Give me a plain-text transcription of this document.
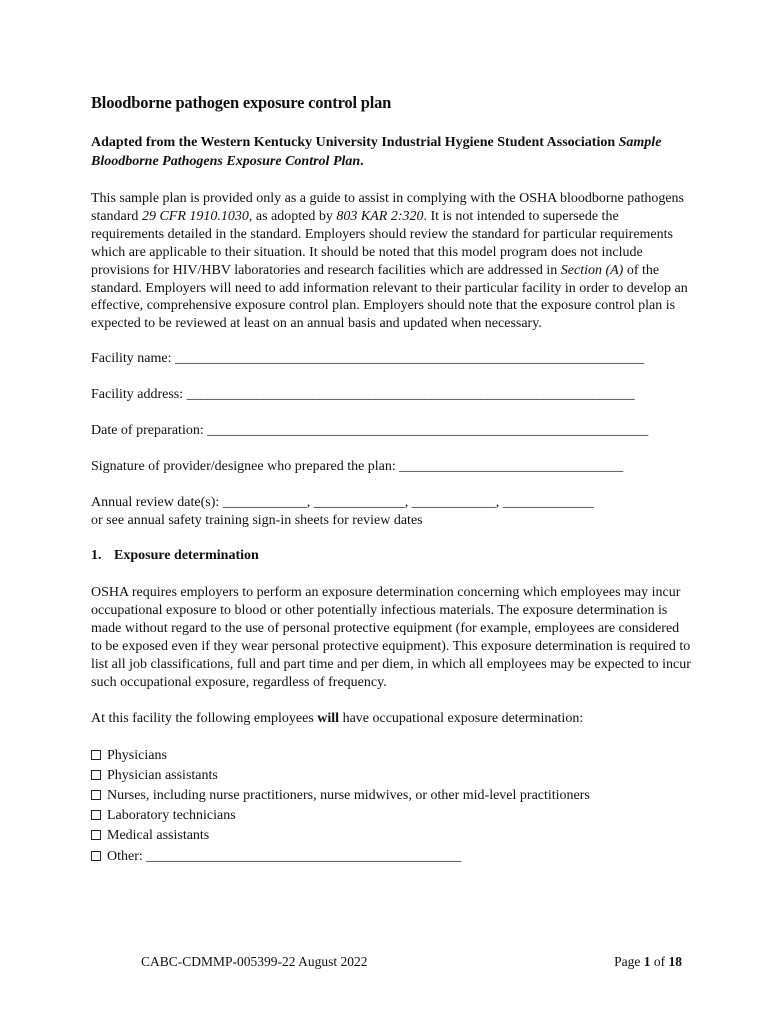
Bloodborne pathogen exposure control plan
Adapted from the Western Kentucky University Industrial Hygiene Student Association Sample Bloodborne Pathogens Exposure Control Plan.

This sample plan is provided only as a guide to assist in complying with the OSHA bloodborne pathogens standard 29 CFR 1910.1030, as adopted by 803 KAR 2:320. It is not intended to supersede the requirements detailed in the standard. Employers should review the standard for particular requirements which are applicable to their situation. It should be noted that this model program does not include provisions for HIV/HBV laboratories and research facilities which are addressed in Section (A) of the standard. Employers will need to add information relevant to their particular facility in order to develop an effective, comprehensive exposure control plan. Employers should note that the exposure control plan is expected to be reviewed at least on an annual basis and updated when necessary.

Facility name: ___________________________________________________________________
Facility address: ________________________________________________________________
Date of preparation: _______________________________________________________________
Signature of provider/designee who prepared the plan: ________________________________
Annual review date(s): ____________, _____________, ____________, _____________
or see annual safety training sign-in sheets for review dates
1. Exposure determination

OSHA requires employers to perform an exposure determination concerning which employees may incur occupational exposure to blood or other potentially infectious materials. The exposure determination is made without regard to the use of personal protective equipment (for example, employees are considered to be exposed even if they wear personal protective equipment). This exposure determination is required to list all job classifications, full and part time and per diem, in which all employees may be expected to incur such occupational exposure, regardless of frequency.

At this facility the following employees will have occupational exposure determination:

Physicians
Physician assistants
Nurses, including nurse practitioners, nurse midwives, or other mid-level practitioners
Laboratory technicians
Medical assistants
Other: _____________________________________________
CABC-CDMMP-005399-22 August 2022	Page 1 of 18
